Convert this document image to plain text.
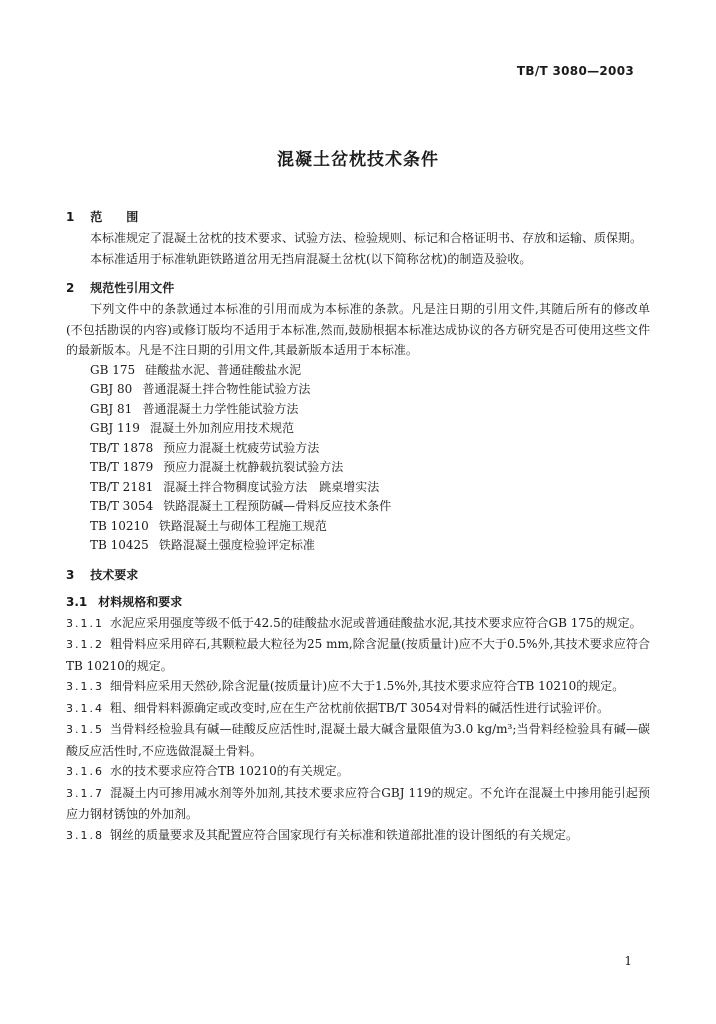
TB/T 3080—2003
混凝土岔枕技术条件
1 范　　围

本标准规定了混凝土岔枕的技术要求、试验方法、检验规则、标记和合格证明书、存放和运输、质保期。

本标准适用于标准轨距铁路道岔用无挡肩混凝土岔枕(以下简称岔枕)的制造及验收。

2 规范性引用文件

下列文件中的条款通过本标准的引用而成为本标准的条款。凡是注日期的引用文件,其随后所有的修改单(不包括勘误的内容)或修订版均不适用于本标准,然而,鼓励根据本标准达成协议的各方研究是否可使用这些文件的最新版本。凡是不注日期的引用文件,其最新版本适用于本标准。

GB 175 硅酸盐水泥、普通硅酸盐水泥
GBJ 80 普通混凝土拌合物性能试验方法
GBJ 81 普通混凝土力学性能试验方法
GBJ 119 混凝土外加剂应用技术规范
TB/T 1878 预应力混凝土枕疲劳试验方法
TB/T 1879 预应力混凝土枕静载抗裂试验方法
TB/T 2181 混凝土拌合物稠度试验方法　跳桌增实法
TB/T 3054 铁路混凝土工程预防碱—骨料反应技术条件
TB 10210 铁路混凝土与砌体工程施工规范
TB 10425 铁路混凝土强度检验评定标准
3 技术要求
3.1 材料规格和要求

3.1.1 水泥应采用强度等级不低于42.5的硅酸盐水泥或普通硅酸盐水泥,其技术要求应符合GB 175的规定。

3.1.2 粗骨料应采用碎石,其颗粒最大粒径为25 mm,除含泥量(按质量计)应不大于0.5%外,其技术要求应符合TB 10210的规定。

3.1.3 细骨料应采用天然砂,除含泥量(按质量计)应不大于1.5%外,其技术要求应符合TB 10210的规定。

3.1.4 粗、细骨料料源确定或改变时,应在生产岔枕前依据TB/T 3054对骨料的碱活性进行试验评价。

3.1.5 当骨料经检验具有碱—硅酸反应活性时,混凝土最大碱含量限值为3.0 kg/m³;当骨料经检验具有碱—碳酸反应活性时,不应选做混凝土骨料。

3.1.6 水的技术要求应符合TB 10210的有关规定。

3.1.7 混凝土内可掺用减水剂等外加剂,其技术要求应符合GBJ 119的规定。不允许在混凝土中掺用能引起预应力钢材锈蚀的外加剂。

3.1.8 钢丝的质量要求及其配置应符合国家现行有关标准和铁道部批准的设计图纸的有关规定。

1
